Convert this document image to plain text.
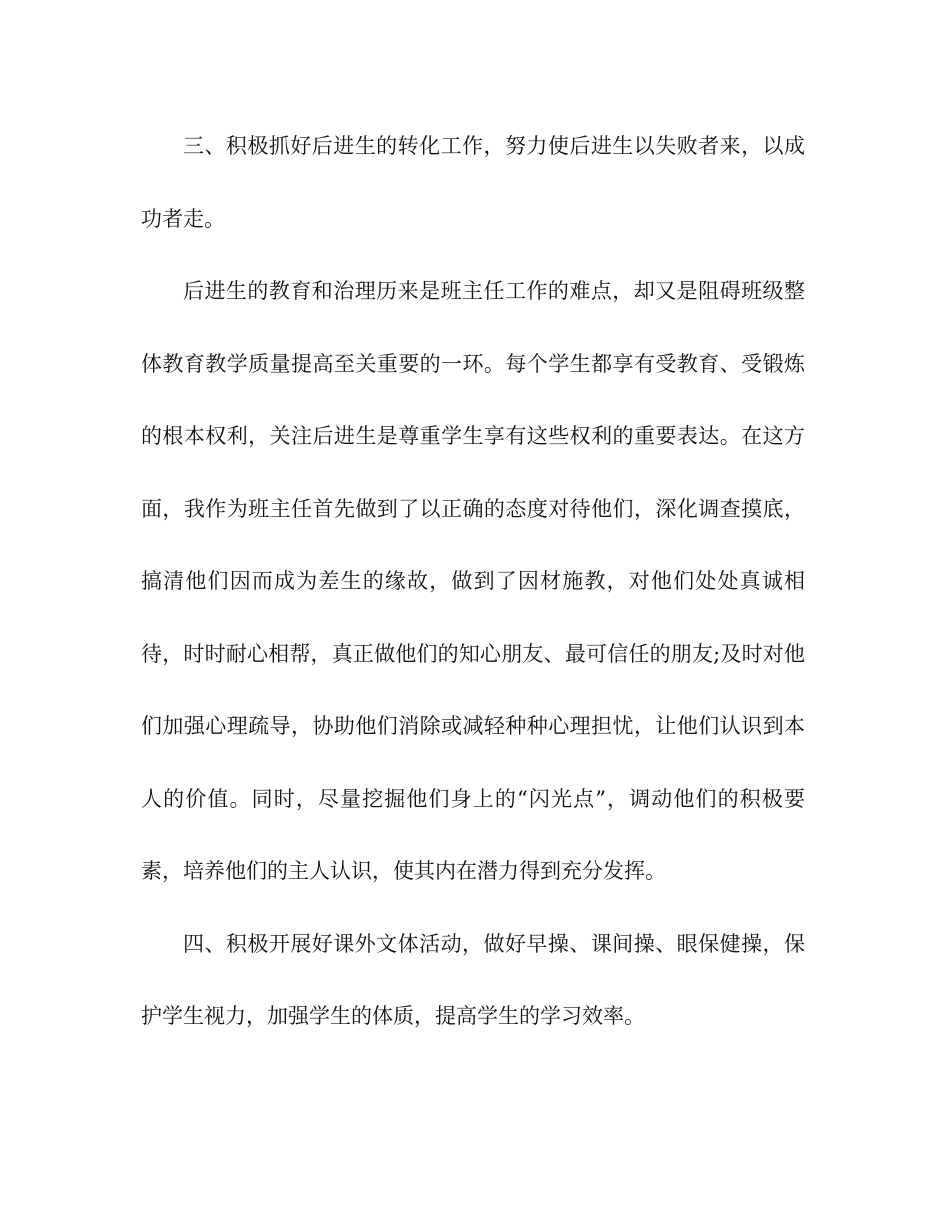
三、积极抓好后进生的转化工作，努力使后进生以失败者来，以成功者走。

后进生的教育和治理历来是班主任工作的难点，却又是阻碍班级整体教育教学质量提高至关重要的一环。每个学生都享有受教育、受锻炼的根本权利，关注后进生是尊重学生享有这些权利的重要表达。在这方面，我作为班主任首先做到了以正确的态度对待他们，深化调查摸底，搞清他们因而成为差生的缘故，做到了因材施教，对他们处处真诚相待，时时耐心相帮，真正做他们的知心朋友、最可信任的朋友;及时对他们加强心理疏导，协助他们消除或减轻种种心理担忧，让他们认识到本人的价值。同时，尽量挖掘他们身上的“闪光点”，调动他们的积极要素，培养他们的主人认识，使其内在潜力得到充分发挥。

四、积极开展好课外文体活动，做好早操、课间操、眼保健操，保护学生视力，加强学生的体质，提高学生的学习效率。
